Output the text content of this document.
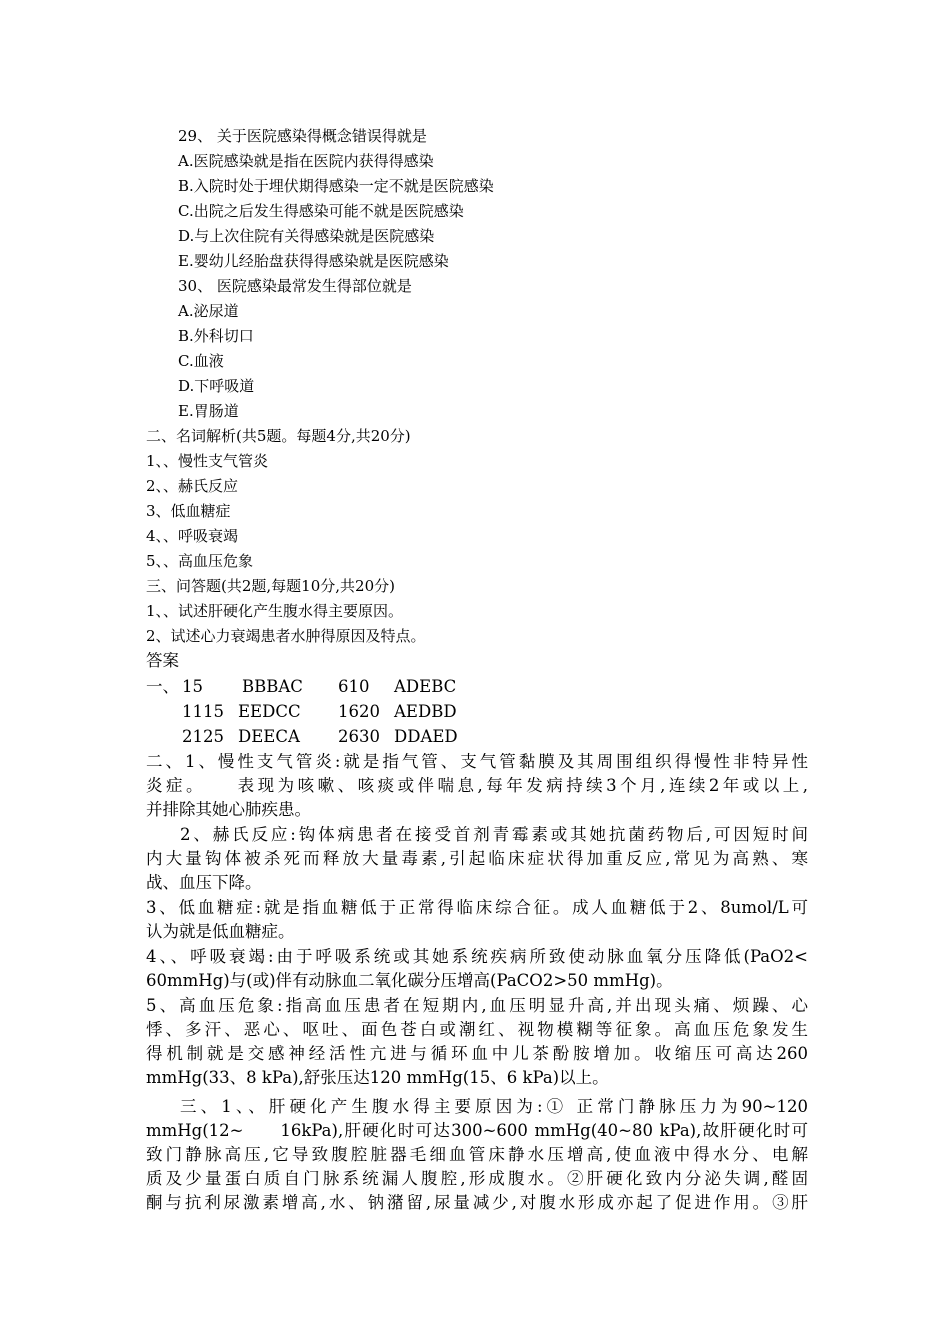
29、 关于医院感染得概念错误得就是
A.医院感染就是指在医院内获得得感染
B.入院时处于埋伏期得感染一定不就是医院感染
C.出院之后发生得感染可能不就是医院感染
D.与上次住院有关得感染就是医院感染
E.婴幼儿经胎盘获得得感染就是医院感染
30、 医院感染最常发生得部位就是
A.泌尿道
B.外科切口
C.血液
D.下呼吸道
E.胃肠道
二、名词解析(共5题。每题4分,共20分)
1、、慢性支气管炎
2、、赫氏反应
3、低血糖症
4、、呼吸衰竭
5、、高血压危象
三、问答题(共2题,每题10分,共20分)
1、、试述肝硬化产生腹水得主要原因。
2、试述心力衰竭患者水肿得原因及特点。
答案
一、 15 BBBAC 610 ADEBC
1115 EEDCC 1620 AEDBD
2125 DEECA 2630 DDAED
二、1、慢性支气管炎:就是指气管、支气管黏膜及其周围组织得慢性非特异性
炎症。　　表现为咳嗽、咳痰或伴喘息,每年发病持续3个月,连续2年或以上,
并排除其她心肺疾患。
2、赫氏反应:钩体病患者在接受首剂青霉素或其她抗菌药物后,可因短时间
内大量钩体被杀死而释放大量毒素,引起临床症状得加重反应,常见为高熟、寒
战、血压下降。
3、低血糖症:就是指血糖低于正常得临床综合征。成人血糖低于2、8umol/L可
认为就是低血糖症。
4、、呼吸衰竭:由于呼吸系统或其她系统疾病所致使动脉血氧分压降低(PaO2<
60mmHg)与(或)伴有动脉血二氧化碳分压增高(PaCO2>50 mmHg)。
5、高血压危象:指高血压患者在短期内,血压明显升高,并出现头痛、烦躁、心
悸、多汗、恶心、呕吐、面色苍白或潮红、视物模糊等征象。高血压危象发生
得机制就是交感神经活性亢进与循环血中儿茶酚胺增加。收缩压可高达260
mmHg(33、8 kPa),舒张压达120 mmHg(15、6 kPa)以上。
三、1、、肝硬化产生腹水得主要原因为:① 正常门静脉压力为90~120
mmHg(12~　　16kPa),肝硬化时可达300~600 mmHg(40~80 kPa),故肝硬化时可
致门静脉高压,它导致腹腔脏器毛细血管床静水压增高,使血液中得水分、电解
质及少量蛋白质自门脉系统漏人腹腔,形成腹水。②肝硬化致内分泌失调,醛固
酮与抗利尿激素增高,水、钠潴留,尿量减少,对腹水形成亦起了促进作用。③肝
